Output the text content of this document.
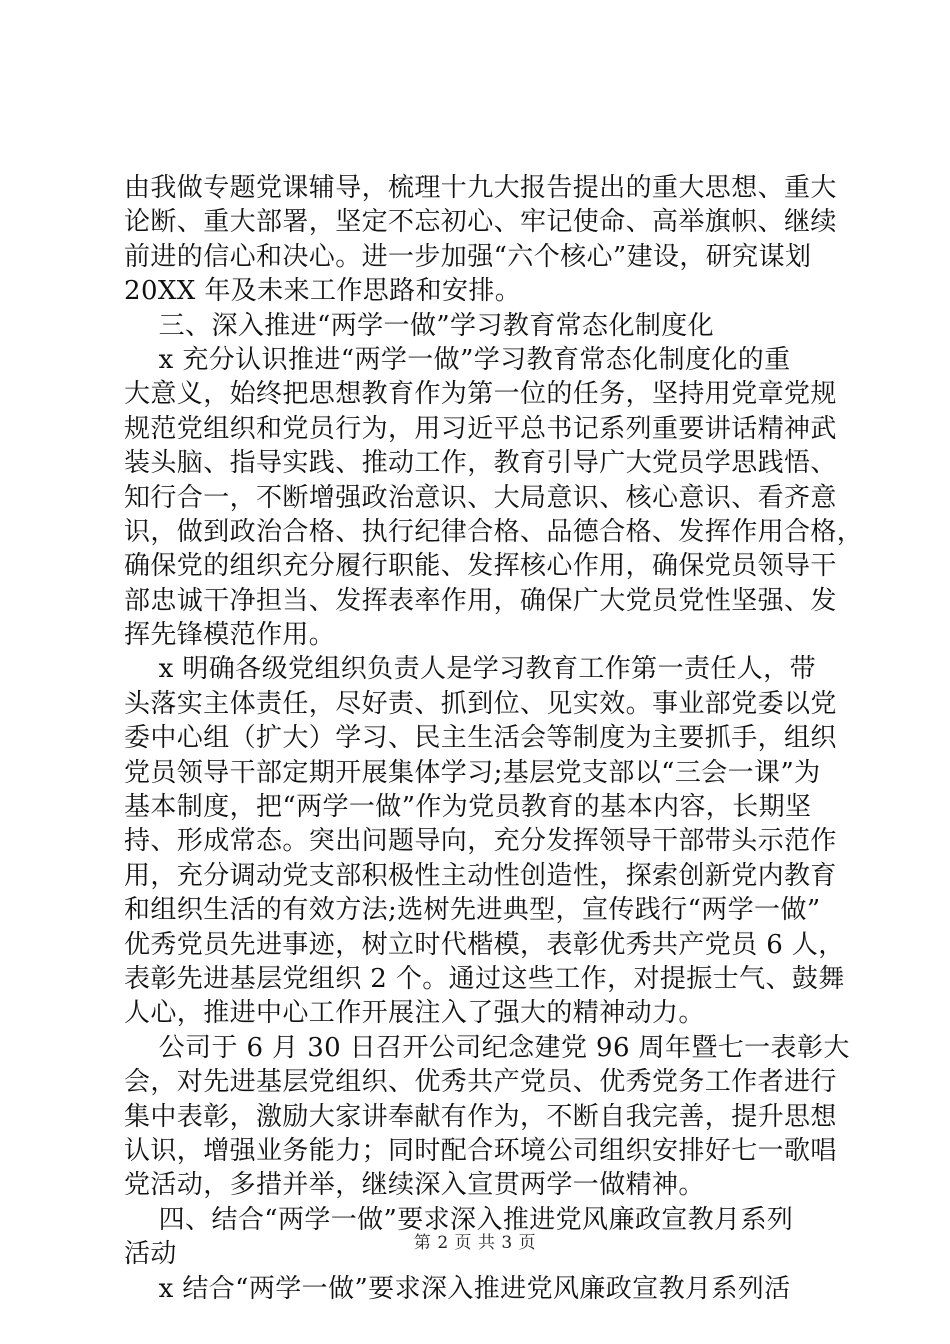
由我做专题党课辅导，梳理十九大报告提出的重大思想、重大
论断、重大部署，坚定不忘初心、牢记使命、高举旗帜、继续
前进的信心和决心。进一步加强“六个核心”建设，研究谋划
20XX 年及未来工作思路和安排。
三、深入推进“两学一做”学习教育常态化制度化
x 充分认识推进“两学一做”学习教育常态化制度化的重
大意义，始终把思想教育作为第一位的任务，坚持用党章党规
规范党组织和党员行为，用习近平总书记系列重要讲话精神武
装头脑、指导实践、推动工作，教育引导广大党员学思践悟、
知行合一，不断增强政治意识、大局意识、核心意识、看齐意
识，做到政治合格、执行纪律合格、品德合格、发挥作用合格，
确保党的组织充分履行职能、发挥核心作用，确保党员领导干
部忠诚干净担当、发挥表率作用，确保广大党员党性坚强、发
挥先锋模范作用。
x 明确各级党组织负责人是学习教育工作第一责任人，带
头落实主体责任，尽好责、抓到位、见实效。事业部党委以党
委中心组（扩大）学习、民主生活会等制度为主要抓手，组织
党员领导干部定期开展集体学习;基层党支部以“三会一课”为
基本制度，把“两学一做”作为党员教育的基本内容，长期坚
持、形成常态。突出问题导向，充分发挥领导干部带头示范作
用，充分调动党支部积极性主动性创造性，探索创新党内教育
和组织生活的有效方法;选树先进典型，宣传践行“两学一做”
优秀党员先进事迹，树立时代楷模，表彰优秀共产党员 6 人，
表彰先进基层党组织 2 个。通过这些工作，对提振士气、鼓舞
人心，推进中心工作开展注入了强大的精神动力。
公司于 6 月 30 日召开公司纪念建党 96 周年暨七一表彰大
会，对先进基层党组织、优秀共产党员、优秀党务工作者进行
集中表彰，激励大家讲奉献有作为，不断自我完善，提升思想
认识，增强业务能力；同时配合环境公司组织安排好七一歌唱
党活动，多措并举，继续深入宣贯两学一做精神。
四、结合“两学一做”要求深入推进党风廉政宣教月系列
活动
x 结合“两学一做”要求深入推进党风廉政宣教月系列活
第 2 页 共 3 页
